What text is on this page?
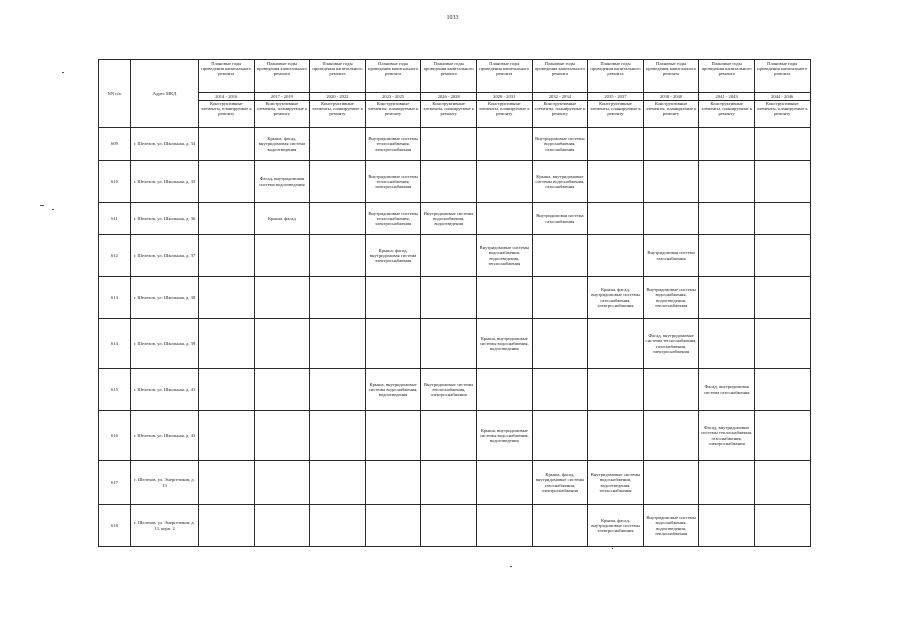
1033
NN п/п	Адрес МКД	Плановые годы проведения капитального ремонта	Плановые годы проведения капитального ремонта	Плановые годы проведения капитального ремонта	Плановые годы проведения капитального ремонта	Плановые годы проведения капитального ремонта	Плановые годы проведения капитального ремонта	Плановые годы проведения капитального ремонта	Плановые годы проведения капитального ремонта	Плановые годы проведения капитального ремонта	Плановые годы проведения капитального ремонта	Плановые годы проведения капитального ремонта
		2014 - 2016	2017 - 2019	2020 - 2022	2023 - 2025	2026 - 2028	2029 - 2031	2032 - 2034	2035 - 2037	2038 - 2040	2041 - 2043	2044 - 2046
		Конструктивные элементы, планируемые к ремонту	Конструктивные элементы, планируемые к ремонту	Конструктивные элементы, планируемые к ремонту	Конструктивные элементы, планируемые к ремонту	Конструктивные элементы, планируемые к ремонту	Конструктивные элементы, планируемые к ремонту	Конструктивные элементы, планируемые к ремонту	Конструктивные элементы, планируемые к ремонту	Конструктивные элементы, планируемые к ремонту	Конструктивные элементы, планируемые к ремонту	Конструктивные элементы, планируемые к ремонту
609	г. Шелехов, ул. Школьная, д. 34		Крыша, фасад, внутридомовая система водоотведения		Внутридомовые системы теплоснабжения, электроснабжения			Внутридомовые системы водоснабжения, газоснабжения				
610	г. Шелехов, ул. Школьная, д. 35		Фасад, внутридомовая система водоотведения		Внутридомовые системы теплоснабжения, электроснабжения			Крыша, внутридомовые системы водоснабжения, газоснабжения				
611	г. Шелехов, ул. Школьная, д. 36		Крыша, фасад		Внутридомовые системы теплоснабжения, электроснабжения	Внутридомовые системы водоснабжения, водоотведения		Внутридомовая система газоснабжения				
612	г. Шелехов, ул. Школьная, д. 37				Крыша, фасад, внутридомовая система электроснабжения		Внутридомовые системы водоснабжения, водоотведения, теплоснабжения			Внутридомовая система газоснабжения		
613	г. Шелехов, ул. Школьная, д. 38								Крыша, фасад, внутридомовые системы газоснабжения, электроснабжения	Внутридомовые системы водоснабжения, водоотведения, теплоснабжения		
614	г. Шелехов, ул. Школьная, д. 39						Крыша, внутридомовые системы водоснабжения, водоотведения			Фасад, внутридомовые системы теплоснабжения, газоснабжения, электроснабжения		
615	г. Шелехов, ул. Школьная, д. 41				Крыша, внутридомовые системы водоснабжения, водоотведения	Внутридомовые системы теплоснабжения, электроснабжения					Фасад, внутридомовая система газоснабжения	
616	г. Шелехов, ул. Школьная, д. 43						Крыша, внутридомовые системы водоснабжения, водоотведения				Фасад, внутридомовые системы теплоснабжения, газоснабжения, электроснабжения	
617	г. Шелехов, ул. Энергетиков, д. 13							Крыша, фасад, внутридомовые системы газоснабжения, электроснабжения	Внутридомовые системы водоснабжения, водоотведения, теплоснабжения			
618	г. Шелехов, ул. Энергетиков, д. 13, корп. 2								Крыша, фасад, внутридомовые системы электроснабжения	Внутридомовые системы водоснабжения, водоотведения, теплоснабжения		
